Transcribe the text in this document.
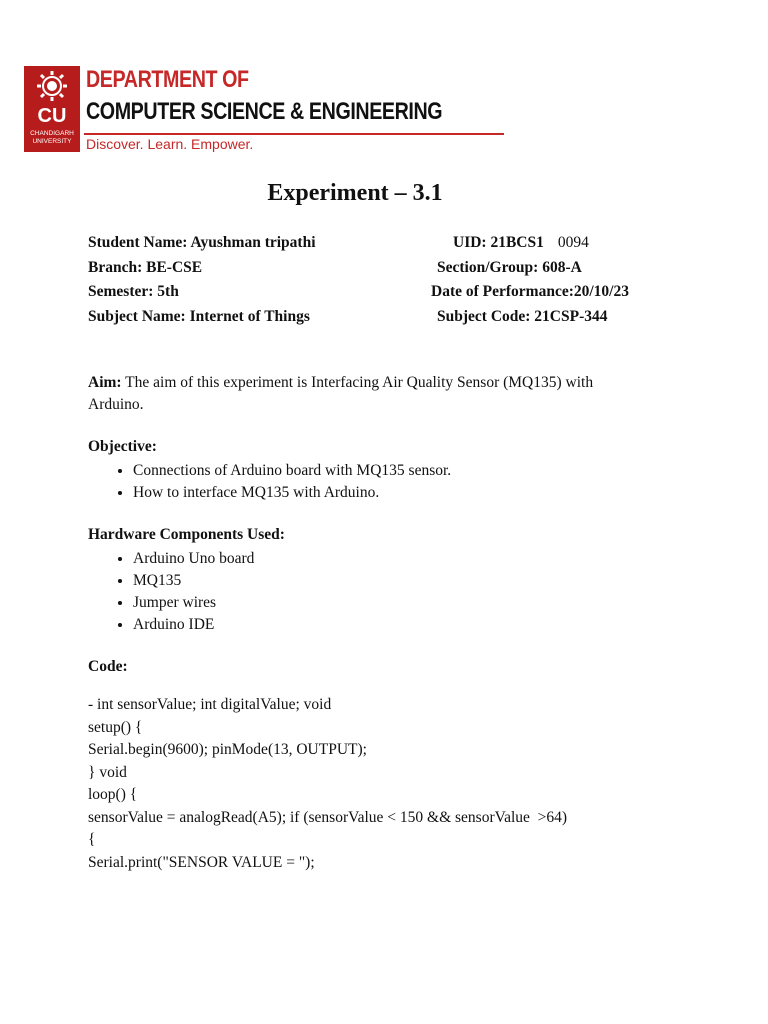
CU
CHANDIGARH UNIVERSITY
DEPARTMENT OF
COMPUTER SCIENCE & ENGINEERING
Discover. Learn. Empower.
Experiment – 3.1
Student Name: Ayushman tripathi	UID: 21BCS1 0094
Branch: BE-CSE	Section/Group: 608-A
Semester: 5th	Date of Performance:20/10/23
Subject Name: Internet of Things	Subject Code: 21CSP-344
Aim: The aim of this experiment is Interfacing Air Quality Sensor (MQ135) with Arduino.
Objective:
• Connections of Arduino board with MQ135 sensor.
• How to interface MQ135 with Arduino.
Hardware Components Used:
• Arduino Uno board
• MQ135
• Jumper wires
• Arduino IDE
Code:
- int sensorValue; int digitalValue; void
setup() {
Serial.begin(9600); pinMode(13, OUTPUT);
} void
loop() {
sensorValue = analogRead(A5); if (sensorValue < 150 && sensorValue  >64)
{
Serial.print("SENSOR VALUE = ");
